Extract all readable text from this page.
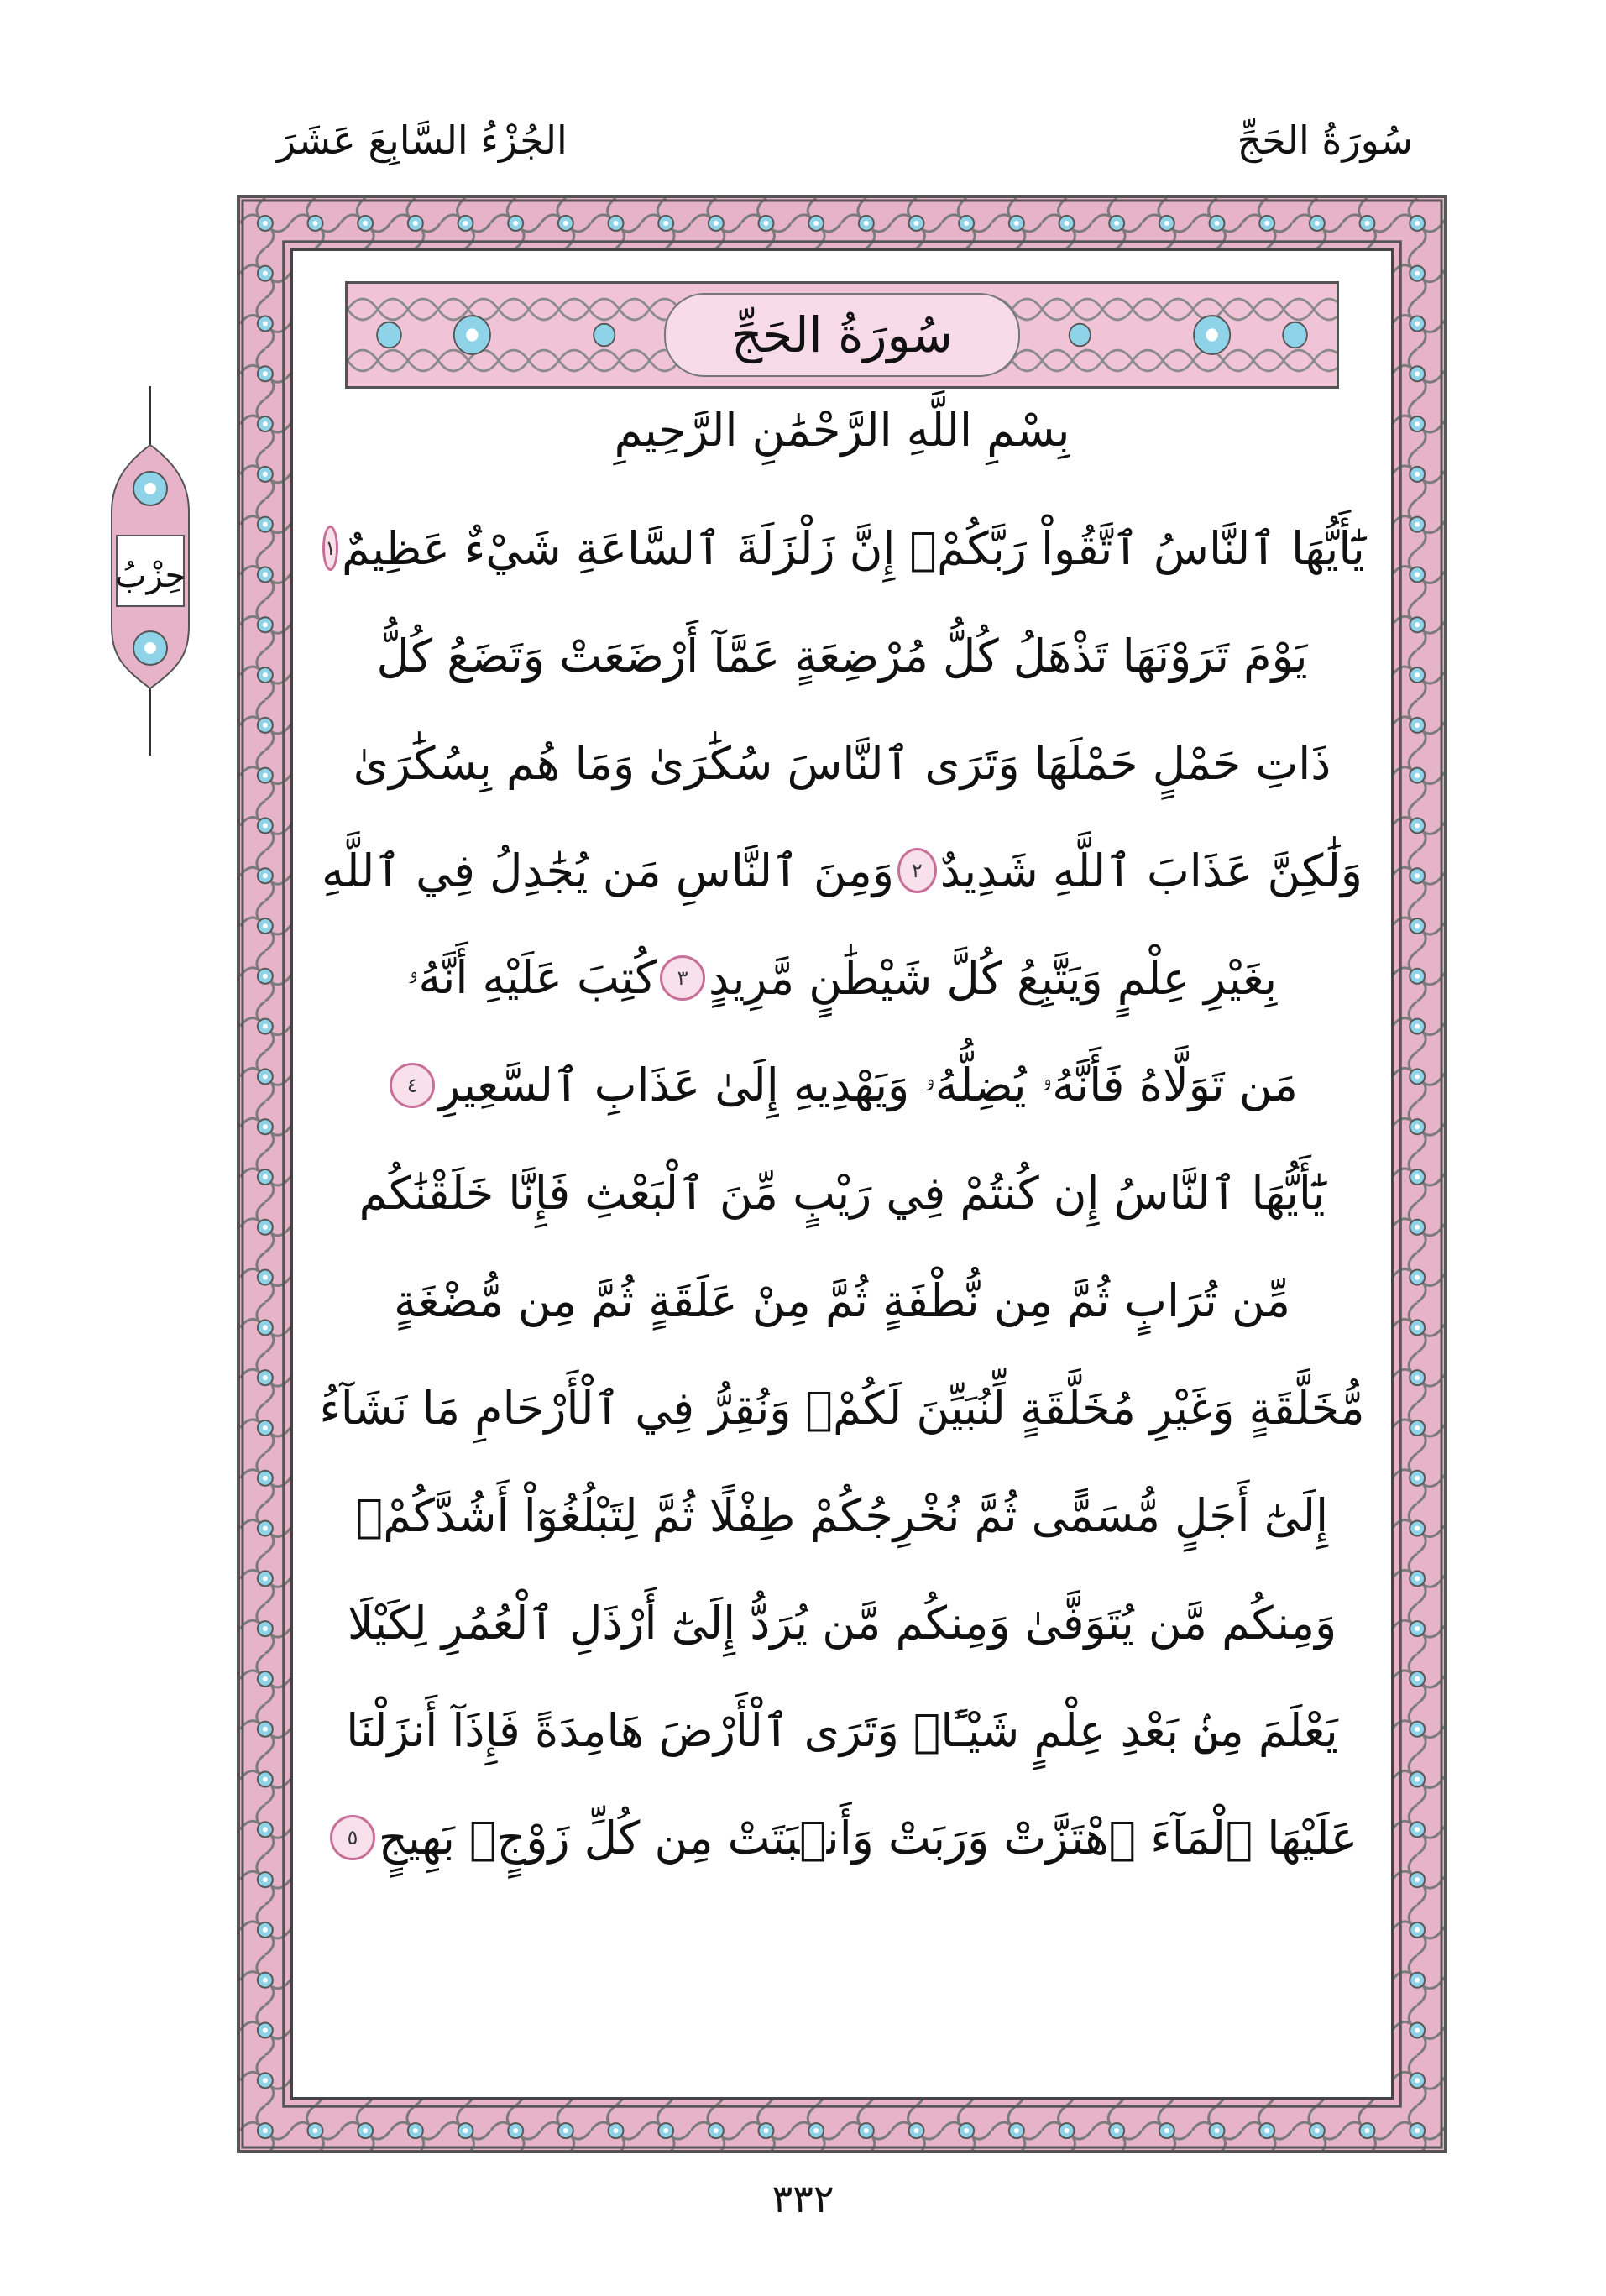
سُورَةُ الحَجِّ
الجُزْءُ السَّابِعَ عَشَرَ
حِزْبُ
سُورَةُ الحَجِّ
بِسْمِ اللَّهِ الرَّحْمَٰنِ الرَّحِيمِ
يَٰٓأَيُّهَا ٱلنَّاسُ ٱتَّقُواْ رَبَّكُمْۚ إِنَّ زَلْزَلَةَ ٱلسَّاعَةِ شَيْءٌ عَظِيمٌ
١
يَوْمَ تَرَوْنَهَا تَذْهَلُ كُلُّ مُرْضِعَةٍ عَمَّآ أَرْضَعَتْ وَتَضَعُ كُلُّ
ذَاتِ حَمْلٍ حَمْلَهَا وَتَرَى ٱلنَّاسَ سُكَٰرَىٰ وَمَا هُم بِسُكَٰرَىٰ
وَلَٰكِنَّ عَذَابَ ٱللَّهِ شَدِيدٌ
٢
وَمِنَ ٱلنَّاسِ مَن يُجَٰدِلُ فِي ٱللَّهِ
بِغَيْرِ عِلْمٍ وَيَتَّبِعُ كُلَّ شَيْطَٰنٍ مَّرِيدٍ
٣
كُتِبَ عَلَيْهِ أَنَّهُۥ
مَن تَوَلَّاهُ فَأَنَّهُۥ يُضِلُّهُۥ وَيَهْدِيهِ إِلَىٰ عَذَابِ ٱلسَّعِيرِ
٤
يَٰٓأَيُّهَا ٱلنَّاسُ إِن كُنتُمْ فِي رَيْبٍ مِّنَ ٱلْبَعْثِ فَإِنَّا خَلَقْنَٰكُم
مِّن تُرَابٍ ثُمَّ مِن نُّطْفَةٍ ثُمَّ مِنْ عَلَقَةٍ ثُمَّ مِن مُّضْغَةٍ
مُّخَلَّقَةٍ وَغَيْرِ مُخَلَّقَةٍ لِّنُبَيِّنَ لَكُمْۚ وَنُقِرُّ فِي ٱلْأَرْحَامِ مَا نَشَآءُ
إِلَىٰٓ أَجَلٍ مُّسَمًّى ثُمَّ نُخْرِجُكُمْ طِفْلًا ثُمَّ لِتَبْلُغُوٓاْ أَشُدَّكُمْۖ
وَمِنكُم مَّن يُتَوَفَّىٰ وَمِنكُم مَّن يُرَدُّ إِلَىٰٓ أَرْذَلِ ٱلْعُمُرِ لِكَيْلَا
يَعْلَمَ مِنۢ بَعْدِ عِلْمٍ شَيْـًٔاۚ وَتَرَى ٱلْأَرْضَ هَامِدَةً فَإِذَآ أَنزَلْنَا
عَلَيْهَا ٱلْمَآءَ ٱهْتَزَّتْ وَرَبَتْ وَأَنۢبَتَتْ مِن كُلِّ زَوْجٍۭ بَهِيجٍ
٥
٣٣٢
